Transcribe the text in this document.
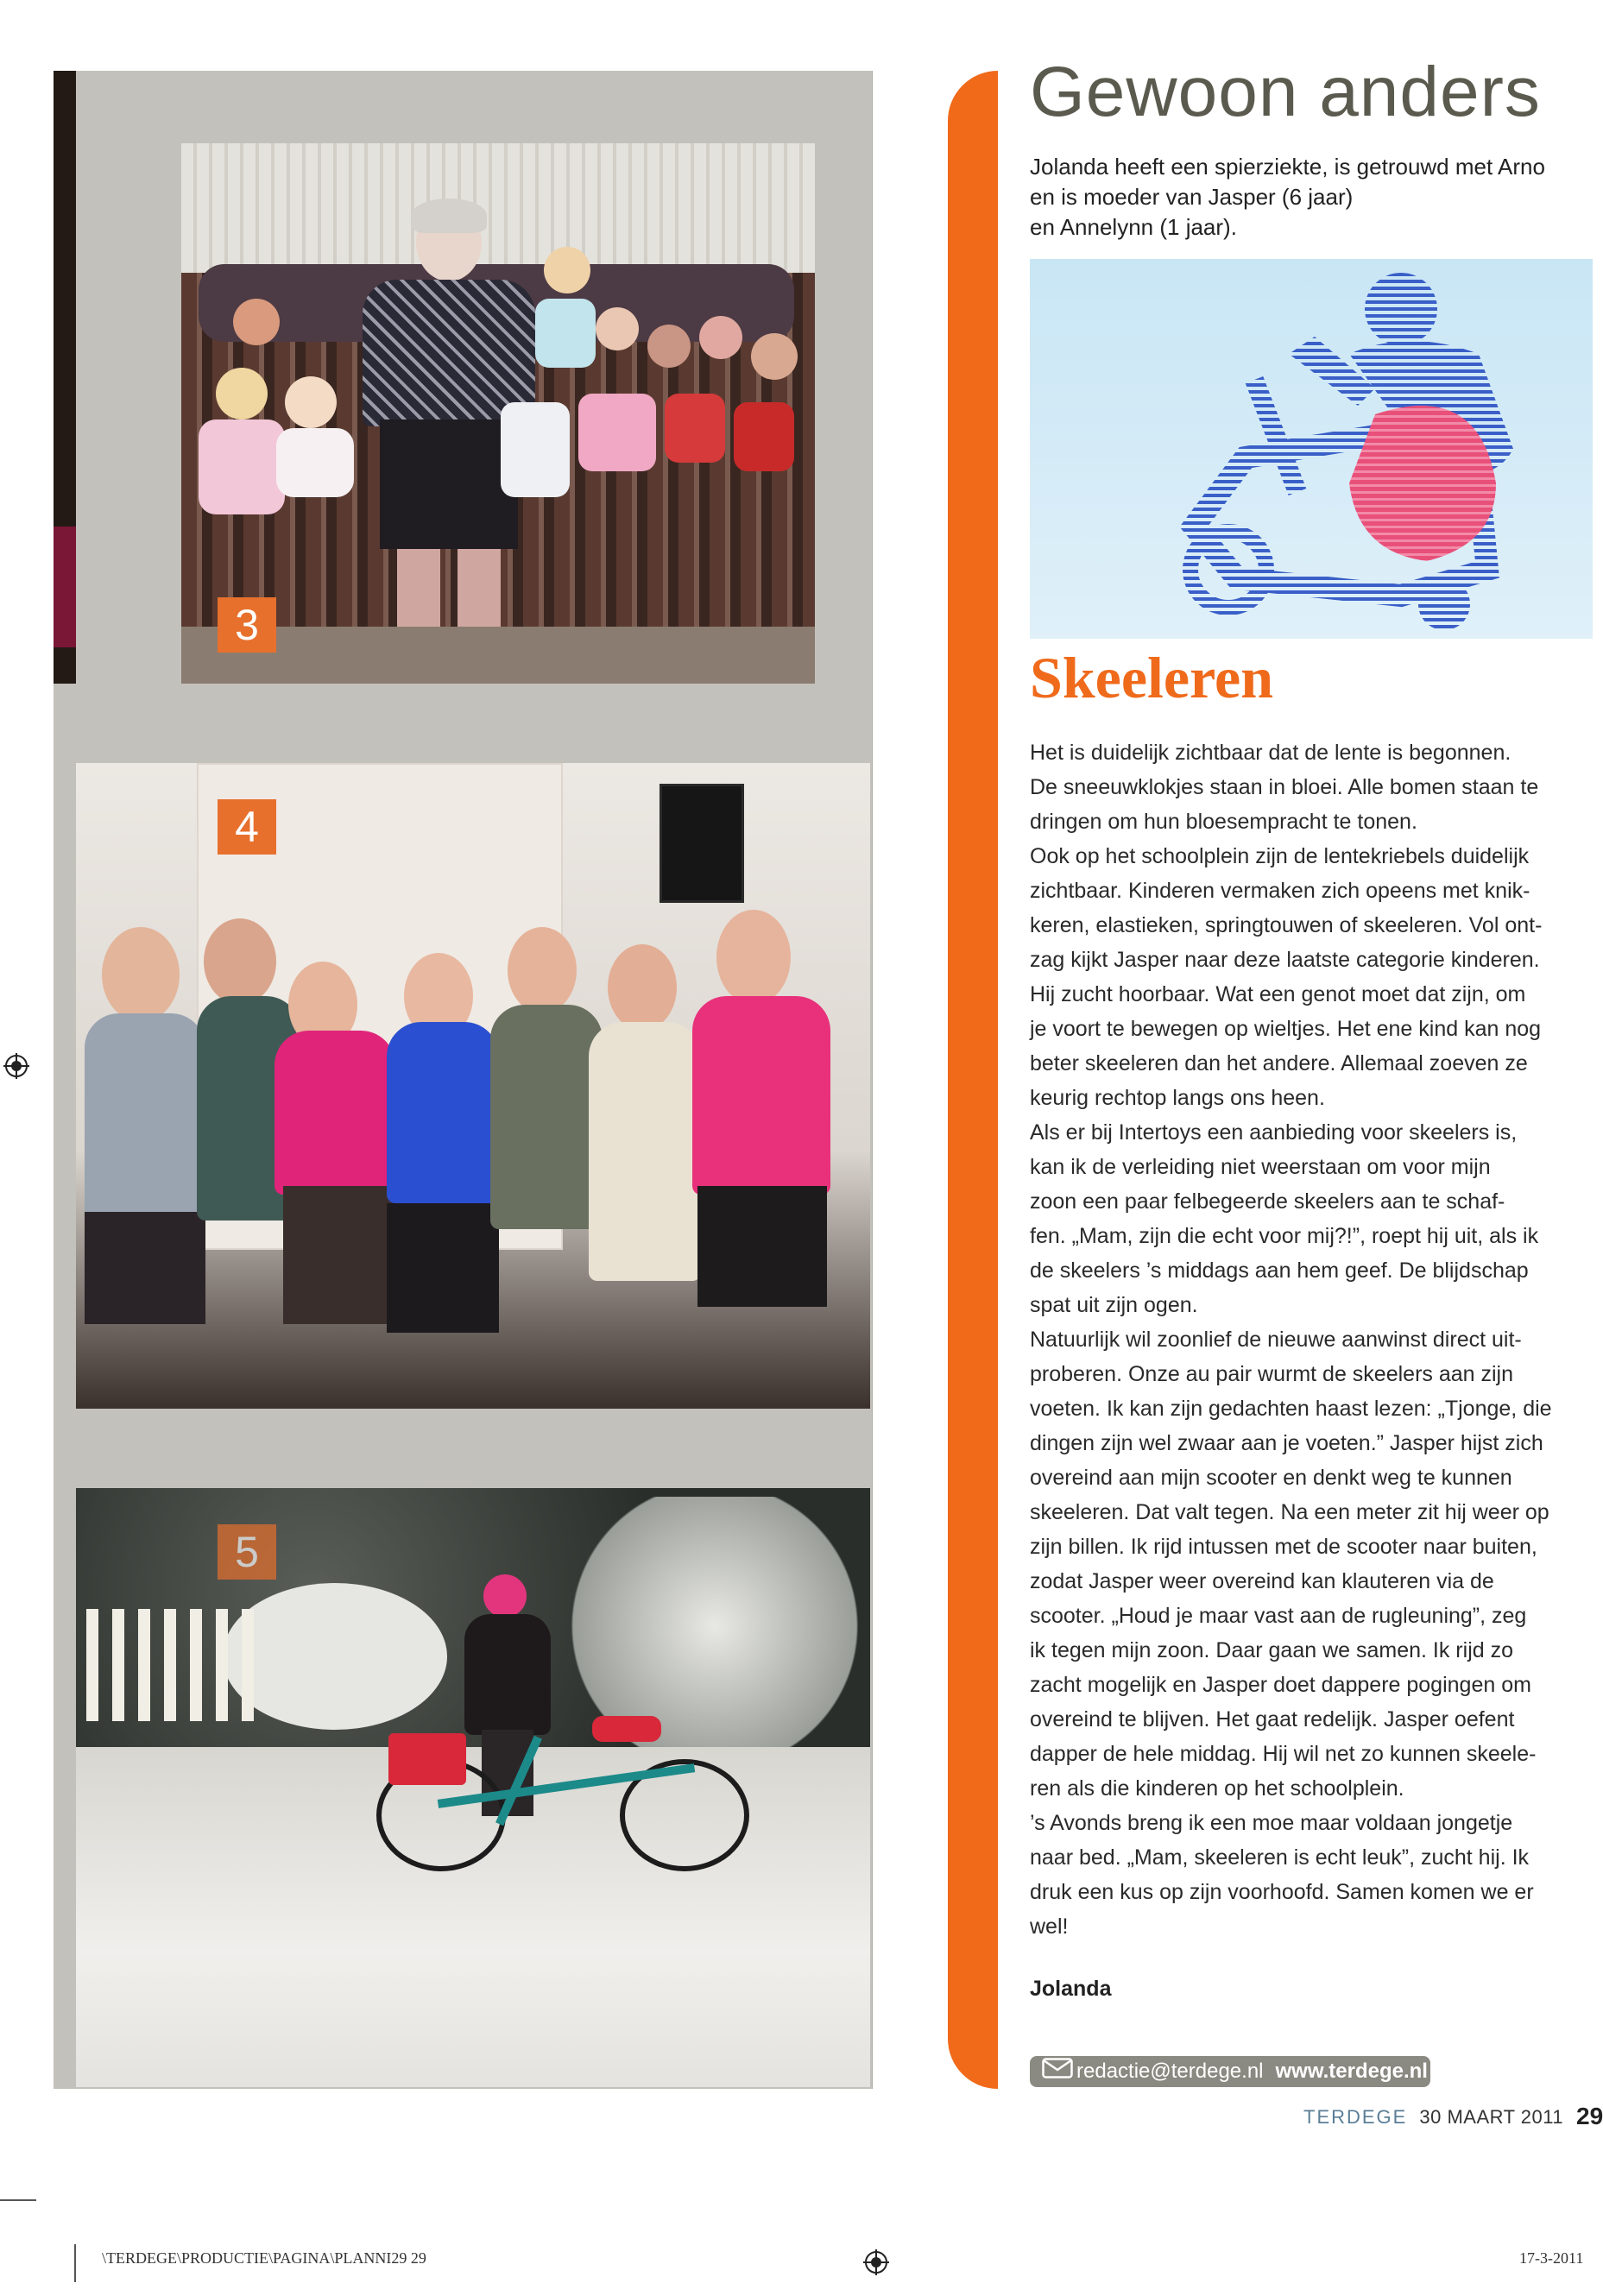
3
4
5
Gewoon anders
Jolanda heeft een spierziekte, is getrouwd met Arno
en is moeder van Jasper (6 jaar)
en Annelynn (1 jaar).
Skeeleren
Het is duidelijk zichtbaar dat de lente is begonnen.
De sneeuwklokjes staan in bloei. Alle bomen staan te
dringen om hun bloesempracht te tonen.
Ook op het schoolplein zijn de lentekriebels duidelijk
zichtbaar. Kinderen vermaken zich opeens met knik-
keren, elastieken, springtouwen of skeeleren. Vol ont-
zag kijkt Jasper naar deze laatste categorie kinderen.
Hij zucht hoorbaar. Wat een genot moet dat zijn, om
je voort te bewegen op wieltjes. Het ene kind kan nog
beter skeeleren dan het andere. Allemaal zoeven ze
keurig rechtop langs ons heen.
Als er bij Intertoys een aanbieding voor skeelers is,
kan ik de verleiding niet weerstaan om voor mijn
zoon een paar felbegeerde skeelers aan te schaf-
fen. „Mam, zijn die echt voor mij?!”, roept hij uit, als ik
de skeelers ’s middags aan hem geef. De blijdschap
spat uit zijn ogen.
Natuurlijk wil zoonlief de nieuwe aanwinst direct uit-
proberen. Onze au pair wurmt de skeelers aan zijn
voeten. Ik kan zijn gedachten haast lezen: „Tjonge, die
dingen zijn wel zwaar aan je voeten.” Jasper hijst zich
overeind aan mijn scooter en denkt weg te kunnen
skeeleren. Dat valt tegen. Na een meter zit hij weer op
zijn billen. Ik rijd intussen met de scooter naar buiten,
zodat Jasper weer overeind kan klauteren via de
scooter. „Houd je maar vast aan de rugleuning”, zeg
ik tegen mijn zoon. Daar gaan we samen. Ik rijd zo
zacht mogelijk en Jasper doet dappere pogingen om
overeind te blijven. Het gaat redelijk. Jasper oefent
dapper de hele middag. Hij wil net zo kunnen skeele-
ren als die kinderen op het schoolplein.
’s Avonds breng ik een moe maar voldaan jongetje
naar bed. „Mam, skeeleren is echt leuk”, zucht hij. Ik
druk een kus op zijn voorhoofd. Samen komen we er
wel!

Jolanda

redactie@terdege.nl www.terdege.nl
TERDEGE 30 MAART 2011 29
\TERDEGE\PRODUCTIE\PAGINA\PLANNI29 29	17-3-2011
